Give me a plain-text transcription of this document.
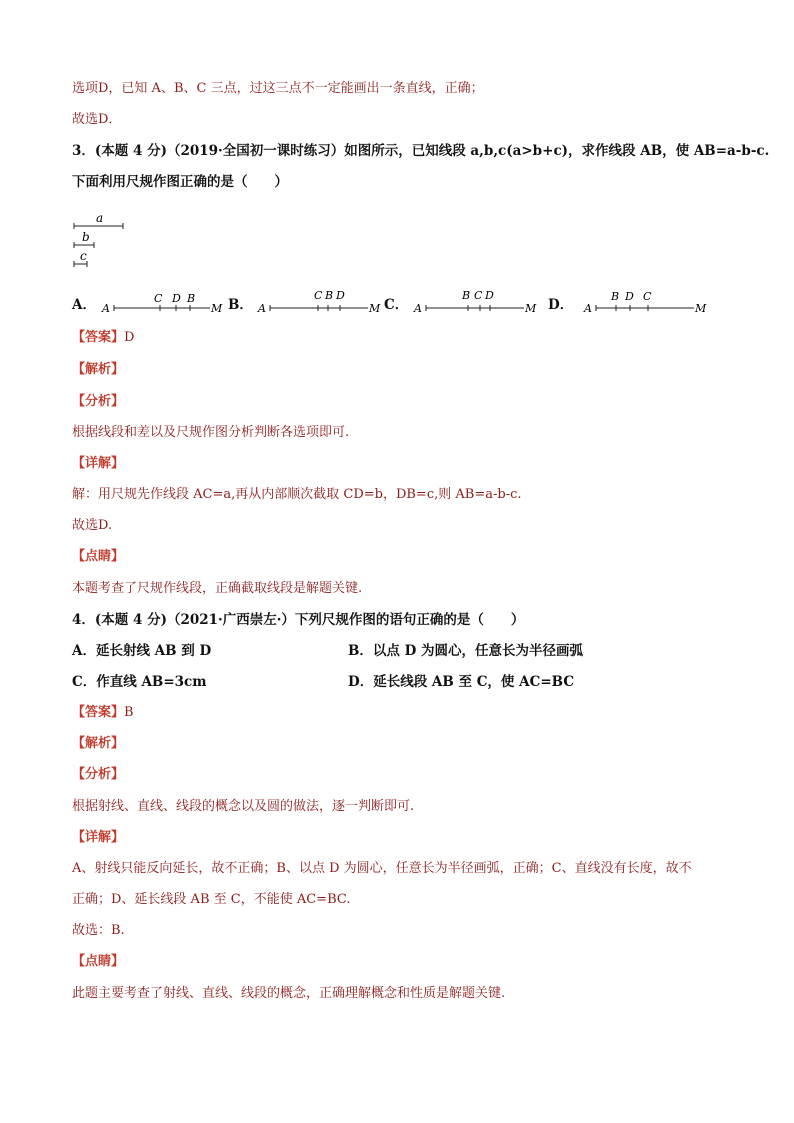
选项D，已知 A、B、C 三点，过这三点不一定能画出一条直线，正确；
故选D．
3．(本题 4 分)（2019·全国初一课时练习）如图所示，已知线段 a,b,c(a>b+c)，求作线段 AB，使 AB=a-b-c.
下面利用尺规作图正确的是（　　）
a
b
c
A． A
C D B
M B． A
C B D
M C． A
B C D
M D． A
B D C
M
【答案】D
【解析】
【分析】
根据线段和差以及尺规作图分析判断各选项即可.
【详解】
解：用尺规先作线段 AC=a,再从内部顺次截取 CD=b，DB=c,则 AB=a-b-c.
故选D.
【点睛】
本题考查了尺规作线段，正确截取线段是解题关键.
4．(本题 4 分)（2021·广西崇左·）下列尺规作图的语句正确的是（　　）
A．延长射线 AB 到 D	B．以点 D 为圆心，任意长为半径画弧
C．作直线 AB=3cm	D．延长线段 AB 至 C，使 AC=BC
【答案】B
【解析】
【分析】
根据射线、直线、线段的概念以及圆的做法，逐一判断即可.
【详解】
A、射线只能反向延长，故不正确；B、以点 D 为圆心，任意长为半径画弧，正确；C、直线没有长度，故不
正确；D、延长线段 AB 至 C，不能使 AC=BC.
故选：B.
【点睛】
此题主要考查了射线、直线、线段的概念，正确理解概念和性质是解题关键.
